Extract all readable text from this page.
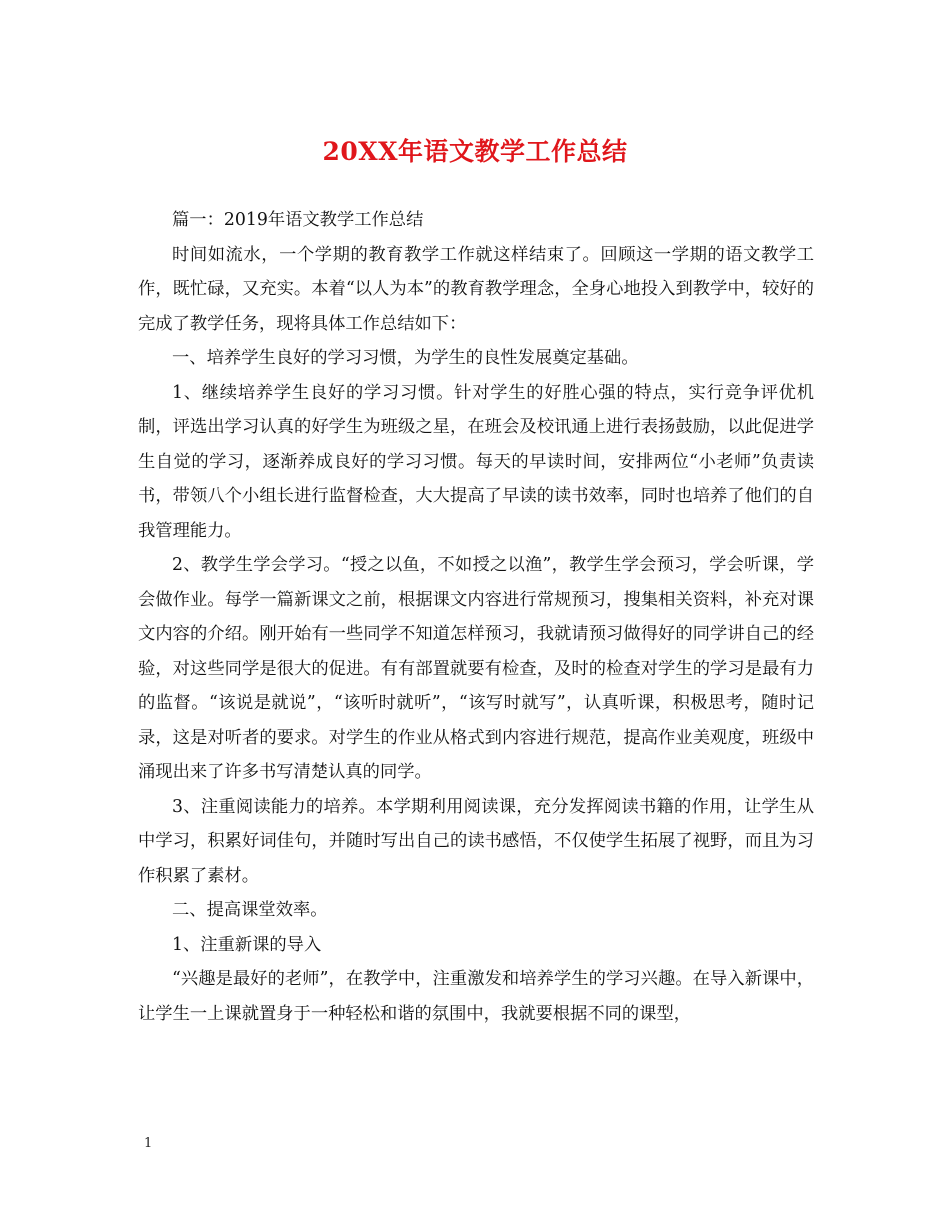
20XX年语文教学工作总结

篇一：2019年语文教学工作总结

时间如流水，一个学期的教育教学工作就这样结束了。回顾这一学期的语文教学工作，既忙碌，又充实。本着“以人为本”的教育教学理念，全身心地投入到教学中，较好的完成了教学任务，现将具体工作总结如下：

一、培养学生良好的学习习惯，为学生的良性发展奠定基础。

1、继续培养学生良好的学习习惯。针对学生的好胜心强的特点，实行竞争评优机制，评选出学习认真的好学生为班级之星，在班会及校讯通上进行表扬鼓励，以此促进学生自觉的学习，逐渐养成良好的学习习惯。每天的早读时间，安排两位“小老师”负责读书，带领八个小组长进行监督检查，大大提高了早读的读书效率，同时也培养了他们的自我管理能力。

2、教学生学会学习。“授之以鱼，不如授之以渔”，教学生学会预习，学会听课，学会做作业。每学一篇新课文之前，根据课文内容进行常规预习，搜集相关资料，补充对课文内容的介绍。刚开始有一些同学不知道怎样预习，我就请预习做得好的同学讲自己的经验，对这些同学是很大的促进。有有部置就要有检查，及时的检查对学生的学习是最有力的监督。“该说是就说”，“该听时就听”，“该写时就写”，认真听课，积极思考，随时记录，这是对听者的要求。对学生的作业从格式到内容进行规范，提高作业美观度，班级中涌现出来了许多书写清楚认真的同学。

3、注重阅读能力的培养。本学期利用阅读课，充分发挥阅读书籍的作用，让学生从中学习，积累好词佳句，并随时写出自己的读书感悟，不仅使学生拓展了视野，而且为习作积累了素材。

二、提高课堂效率。

1、注重新课的导入

“兴趣是最好的老师”，在教学中，注重激发和培养学生的学习兴趣。在导入新课中，让学生一上课就置身于一种轻松和谐的氛围中，我就要根据不同的课型，

1
